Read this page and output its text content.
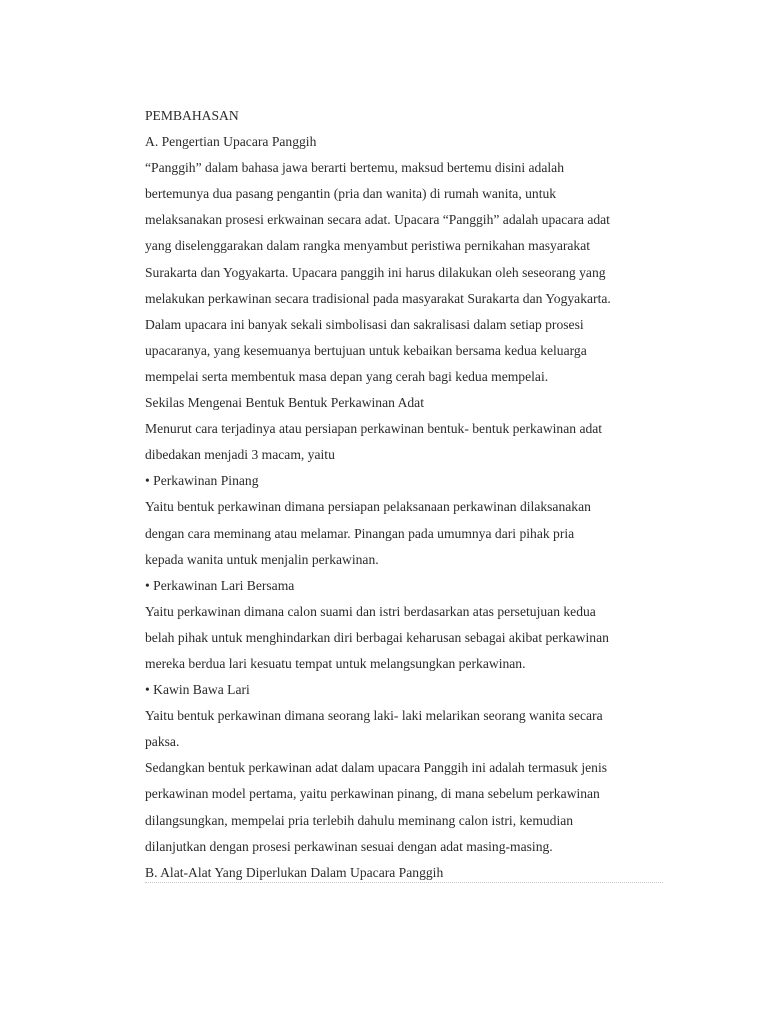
PEMBAHASAN
A. Pengertian Upacara Panggih
“Panggih” dalam bahasa jawa berarti bertemu, maksud bertemu disini adalah
bertemunya dua pasang pengantin (pria dan wanita) di rumah wanita, untuk
melaksanakan prosesi erkwainan secara adat. Upacara “Panggih” adalah upacara adat
yang diselenggarakan dalam rangka menyambut peristiwa pernikahan masyarakat
Surakarta dan Yogyakarta. Upacara panggih ini harus dilakukan oleh seseorang yang
melakukan perkawinan secara tradisional pada masyarakat Surakarta dan Yogyakarta.
Dalam upacara ini banyak sekali simbolisasi dan sakralisasi dalam setiap prosesi
upacaranya, yang kesemuanya bertujuan untuk kebaikan bersama kedua keluarga
mempelai serta membentuk masa depan yang cerah bagi kedua mempelai.
Sekilas Mengenai Bentuk Bentuk Perkawinan Adat
Menurut cara terjadinya atau persiapan perkawinan bentuk- bentuk perkawinan adat
dibedakan menjadi 3 macam, yaitu
• Perkawinan Pinang
Yaitu bentuk perkawinan dimana persiapan pelaksanaan perkawinan dilaksanakan
dengan cara meminang atau melamar. Pinangan pada umumnya dari pihak pria
kepada wanita untuk menjalin perkawinan.
• Perkawinan Lari Bersama
Yaitu perkawinan dimana calon suami dan istri berdasarkan atas persetujuan kedua
belah pihak untuk menghindarkan diri berbagai keharusan sebagai akibat perkawinan
mereka berdua lari kesuatu tempat untuk melangsungkan perkawinan.
• Kawin Bawa Lari
Yaitu bentuk perkawinan dimana seorang laki- laki melarikan seorang wanita secara
paksa.
Sedangkan bentuk perkawinan adat dalam upacara Panggih ini adalah termasuk jenis
perkawinan model pertama, yaitu perkawinan pinang, di mana sebelum perkawinan
dilangsungkan, mempelai pria terlebih dahulu meminang calon istri, kemudian
dilanjutkan dengan prosesi perkawinan sesuai dengan adat masing-masing.
B. Alat-Alat Yang Diperlukan Dalam Upacara Panggih
